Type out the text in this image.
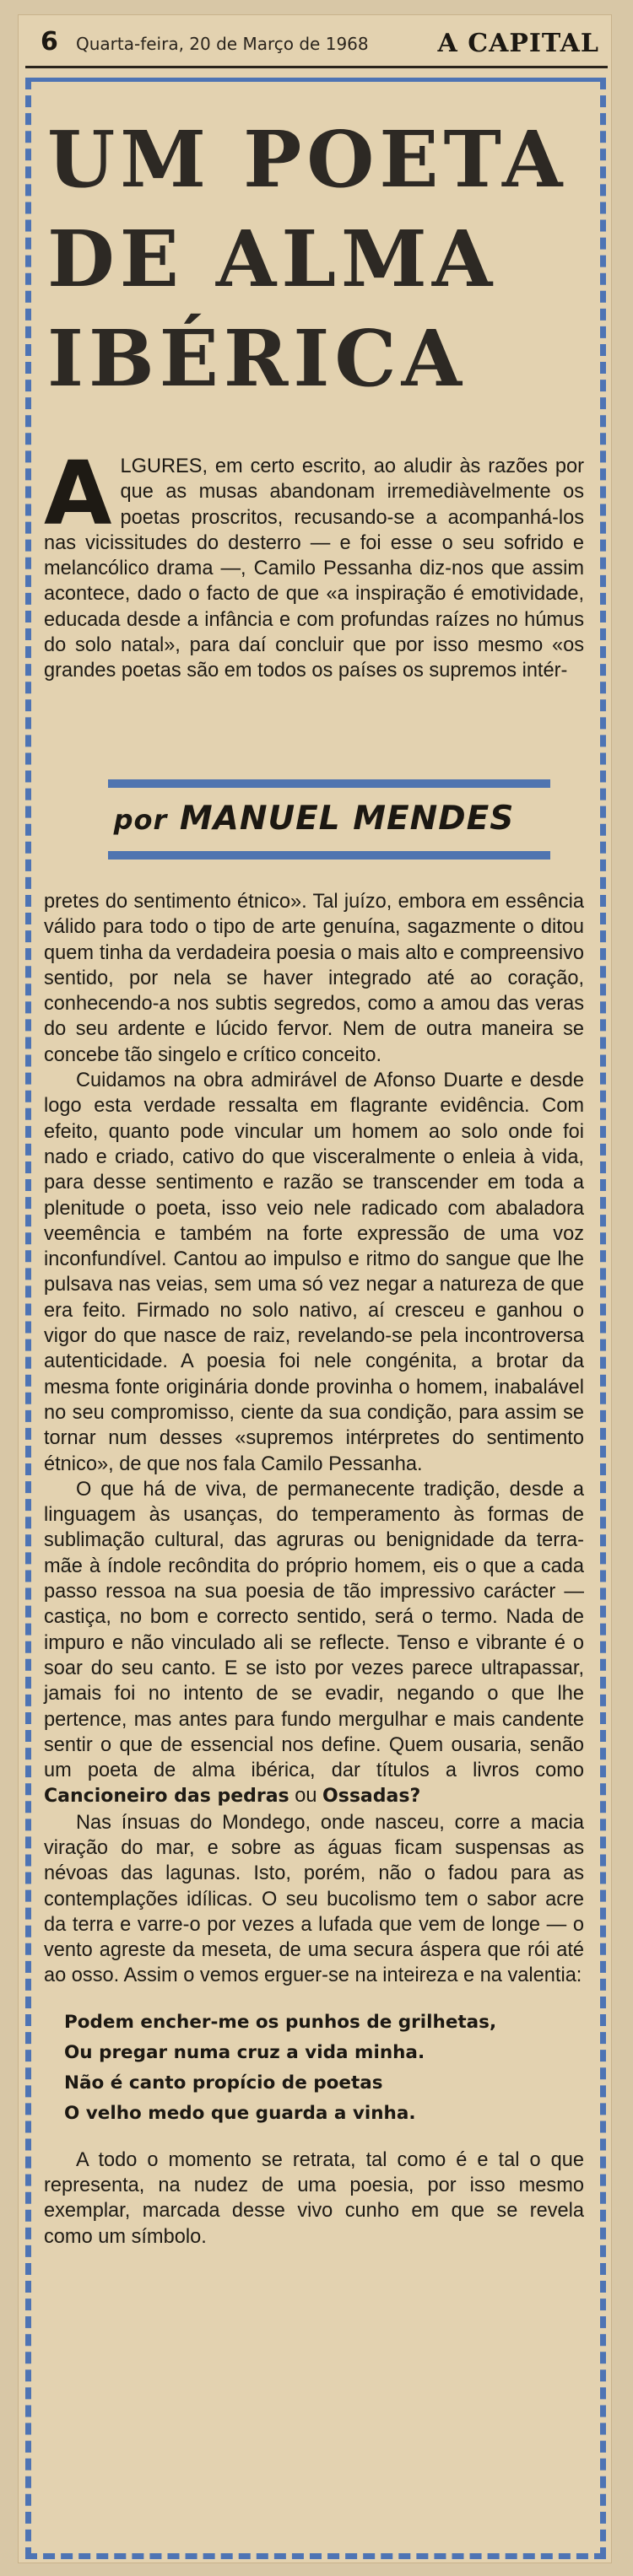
6 Quarta-feira, 20 de Março de 1968	A CAPITAL
UM POETA
DE ALMA
IBÉRICA
A LGURES, em certo escrito, ao aludir às razões por que as musas abandonam irremediàvelmente os poetas proscritos, recusando-se a acompanhá-los nas vicissitudes do desterro — e foi esse o seu sofrido e melancólico drama —, Camilo Pessanha diz-nos que assim acontece, dado o facto de que «a inspiração é emotividade, educada desde a infância e com profundas raízes no húmus do solo natal», para daí concluir que por isso mesmo «os grandes poetas são em todos os países os supremos intér-

por MANUEL MENDES

pretes do sentimento étnico». Tal juízo, embora em essência válido para todo o tipo de arte genuína, sagazmente o ditou quem tinha da verdadeira poesia o mais alto e compreensivo sentido, por nela se haver integrado até ao coração, conhecendo-a nos subtis segredos, como a amou das veras do seu ardente e lúcido fervor. Nem de outra maneira se concebe tão singelo e crítico conceito.

Cuidamos na obra admirável de Afonso Duarte e desde logo esta verdade ressalta em flagrante evidência. Com efeito, quanto pode vincular um homem ao solo onde foi nado e criado, cativo do que visceralmente o enleia à vida, para desse sentimento e razão se transcender em toda a plenitude o poeta, isso veio nele radicado com abaladora veemência e também na forte expressão de uma voz inconfundível. Cantou ao impulso e ritmo do sangue que lhe pulsava nas veias, sem uma só vez negar a natureza de que era feito. Firmado no solo nativo, aí cresceu e ganhou o vigor do que nasce de raiz, revelando-se pela incontroversa autenticidade. A poesia foi nele congénita, a brotar da mesma fonte originária donde provinha o homem, inabalável no seu compromisso, ciente da sua condição, para assim se tornar num desses «supremos intérpretes do sentimento étnico», de que nos fala Camilo Pessanha.

O que há de viva, de permanecente tradição, desde a linguagem às usanças, do temperamento às formas de sublimação cultural, das agruras ou benignidade da terra-mãe à índole recôndita do próprio homem, eis o que a cada passo ressoa na sua poesia de tão impressivo carácter — castiça, no bom e correcto sentido, será o termo. Nada de impuro e não vinculado ali se reflecte. Tenso e vibrante é o soar do seu canto. E se isto por vezes parece ultrapassar, jamais foi no intento de se evadir, negando o que lhe pertence, mas antes para fundo mergulhar e mais candente sentir o que de essencial nos define. Quem ousaria, senão um poeta de alma ibérica, dar títulos a livros como Cancioneiro das pedras ou Ossadas?

Nas ínsuas do Mondego, onde nasceu, corre a macia viração do mar, e sobre as águas ficam suspensas as névoas das lagunas. Isto, porém, não o fadou para as contemplações idílicas. O seu bucolismo tem o sabor acre da terra e varre-o por vezes a lufada que vem de longe — o vento agreste da meseta, de uma secura áspera que rói até ao osso. Assim o vemos erguer-se na inteireza e na valentia:

Podem encher-me os punhos de grilhetas,
Ou pregar numa cruz a vida minha.
Não é canto propício de poetas
O velho medo que guarda a vinha.

A todo o momento se retrata, tal como é e tal o que representa, na nudez de uma poesia, por isso mesmo exemplar, marcada desse vivo cunho em que se revela como um símbolo.
